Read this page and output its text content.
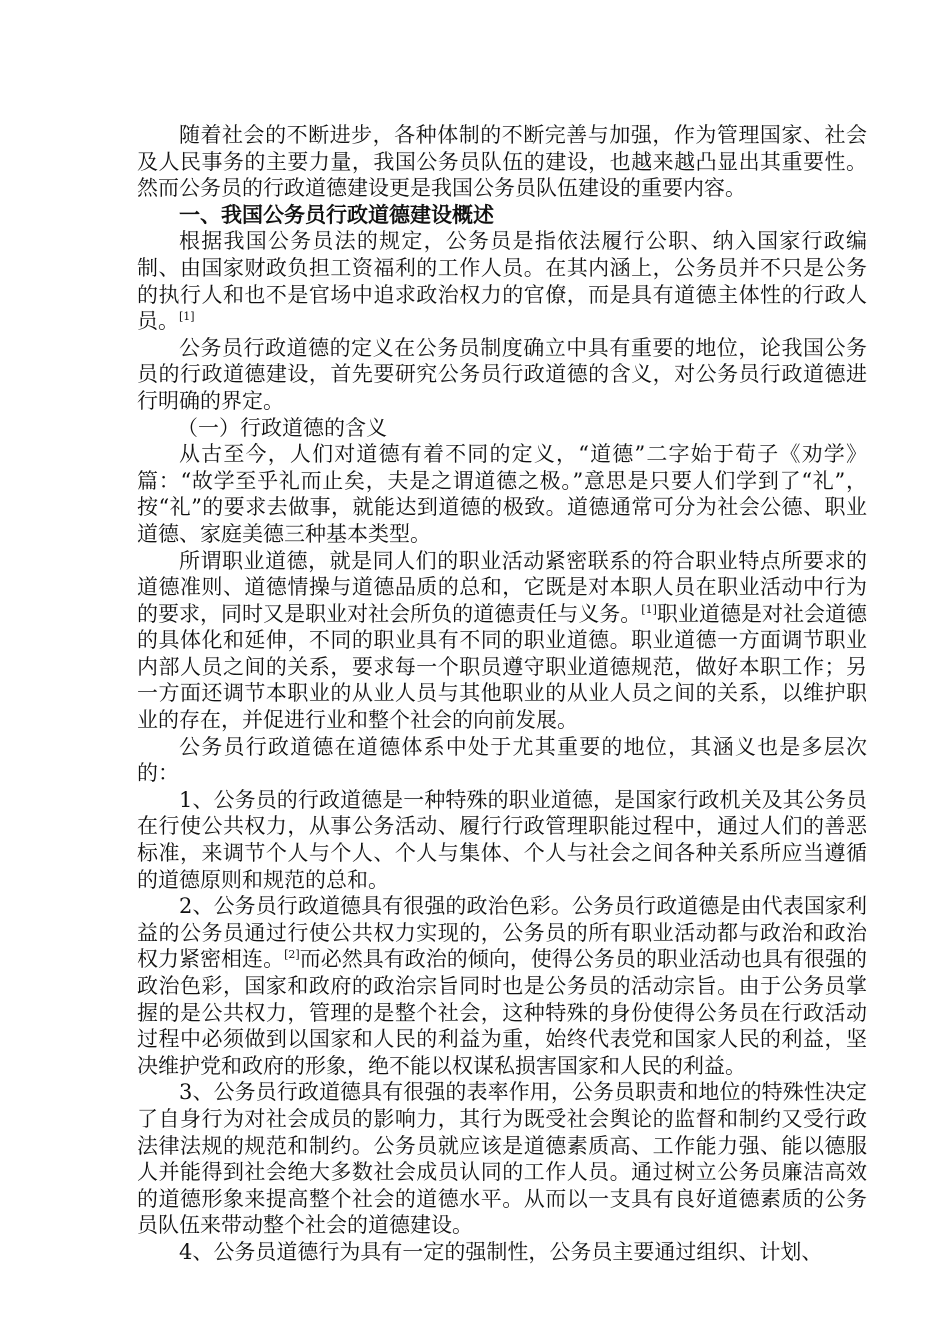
随着社会的不断进步，各种体制的不断完善与加强，作为管理国家、社会及人民事务的主要力量，我国公务员队伍的建设，也越来越凸显出其重要性。然而公务员的行政道德建设更是我国公务员队伍建设的重要内容。

一、我国公务员行政道德建设概述

根据我国公务员法的规定，公务员是指依法履行公职、纳入国家行政编制、由国家财政负担工资福利的工作人员。在其内涵上，公务员并不只是公务的执行人和也不是官场中追求政治权力的官僚，而是具有道德主体性的行政人员。[1]

公务员行政道德的定义在公务员制度确立中具有重要的地位，论我国公务员的行政道德建设，首先要研究公务员行政道德的含义，对公务员行政道德进行明确的界定。

（一）行政道德的含义

从古至今，人们对道德有着不同的定义，“道德”二字始于荀子《劝学》篇：“故学至乎礼而止矣，夫是之谓道德之极。”意思是只要人们学到了“礼”，按“礼”的要求去做事，就能达到道德的极致。道德通常可分为社会公德、职业道德、家庭美德三种基本类型。

所谓职业道德，就是同人们的职业活动紧密联系的符合职业特点所要求的道德准则、道德情操与道德品质的总和，它既是对本职人员在职业活动中行为的要求，同时又是职业对社会所负的道德责任与义务。[1]职业道德是对社会道德的具体化和延伸，不同的职业具有不同的职业道德。职业道德一方面调节职业内部人员之间的关系，要求每一个职员遵守职业道德规范，做好本职工作；另一方面还调节本职业的从业人员与其他职业的从业人员之间的关系，以维护职业的存在，并促进行业和整个社会的向前发展。

公务员行政道德在道德体系中处于尤其重要的地位，其涵义也是多层次的：

1、公务员的行政道德是一种特殊的职业道德，是国家行政机关及其公务员在行使公共权力，从事公务活动、履行行政管理职能过程中，通过人们的善恶标准，来调节个人与个人、个人与集体、个人与社会之间各种关系所应当遵循的道德原则和规范的总和。

2、公务员行政道德具有很强的政治色彩。公务员行政道德是由代表国家利益的公务员通过行使公共权力实现的，公务员的所有职业活动都与政治和政治权力紧密相连。[2]而必然具有政治的倾向，使得公务员的职业活动也具有很强的政治色彩，国家和政府的政治宗旨同时也是公务员的活动宗旨。由于公务员掌握的是公共权力，管理的是整个社会，这种特殊的身份使得公务员在行政活动过程中必须做到以国家和人民的利益为重，始终代表党和国家人民的利益，坚决维护党和政府的形象，绝不能以权谋私损害国家和人民的利益。

3、公务员行政道德具有很强的表率作用，公务员职责和地位的特殊性决定了自身行为对社会成员的影响力，其行为既受社会舆论的监督和制约又受行政法律法规的规范和制约。公务员就应该是道德素质高、工作能力强、能以德服人并能得到社会绝大多数社会成员认同的工作人员。通过树立公务员廉洁高效的道德形象来提高整个社会的道德水平。从而以一支具有良好道德素质的公务员队伍来带动整个社会的道德建设。

4、公务员道德行为具有一定的强制性，公务员主要通过组织、计划、
